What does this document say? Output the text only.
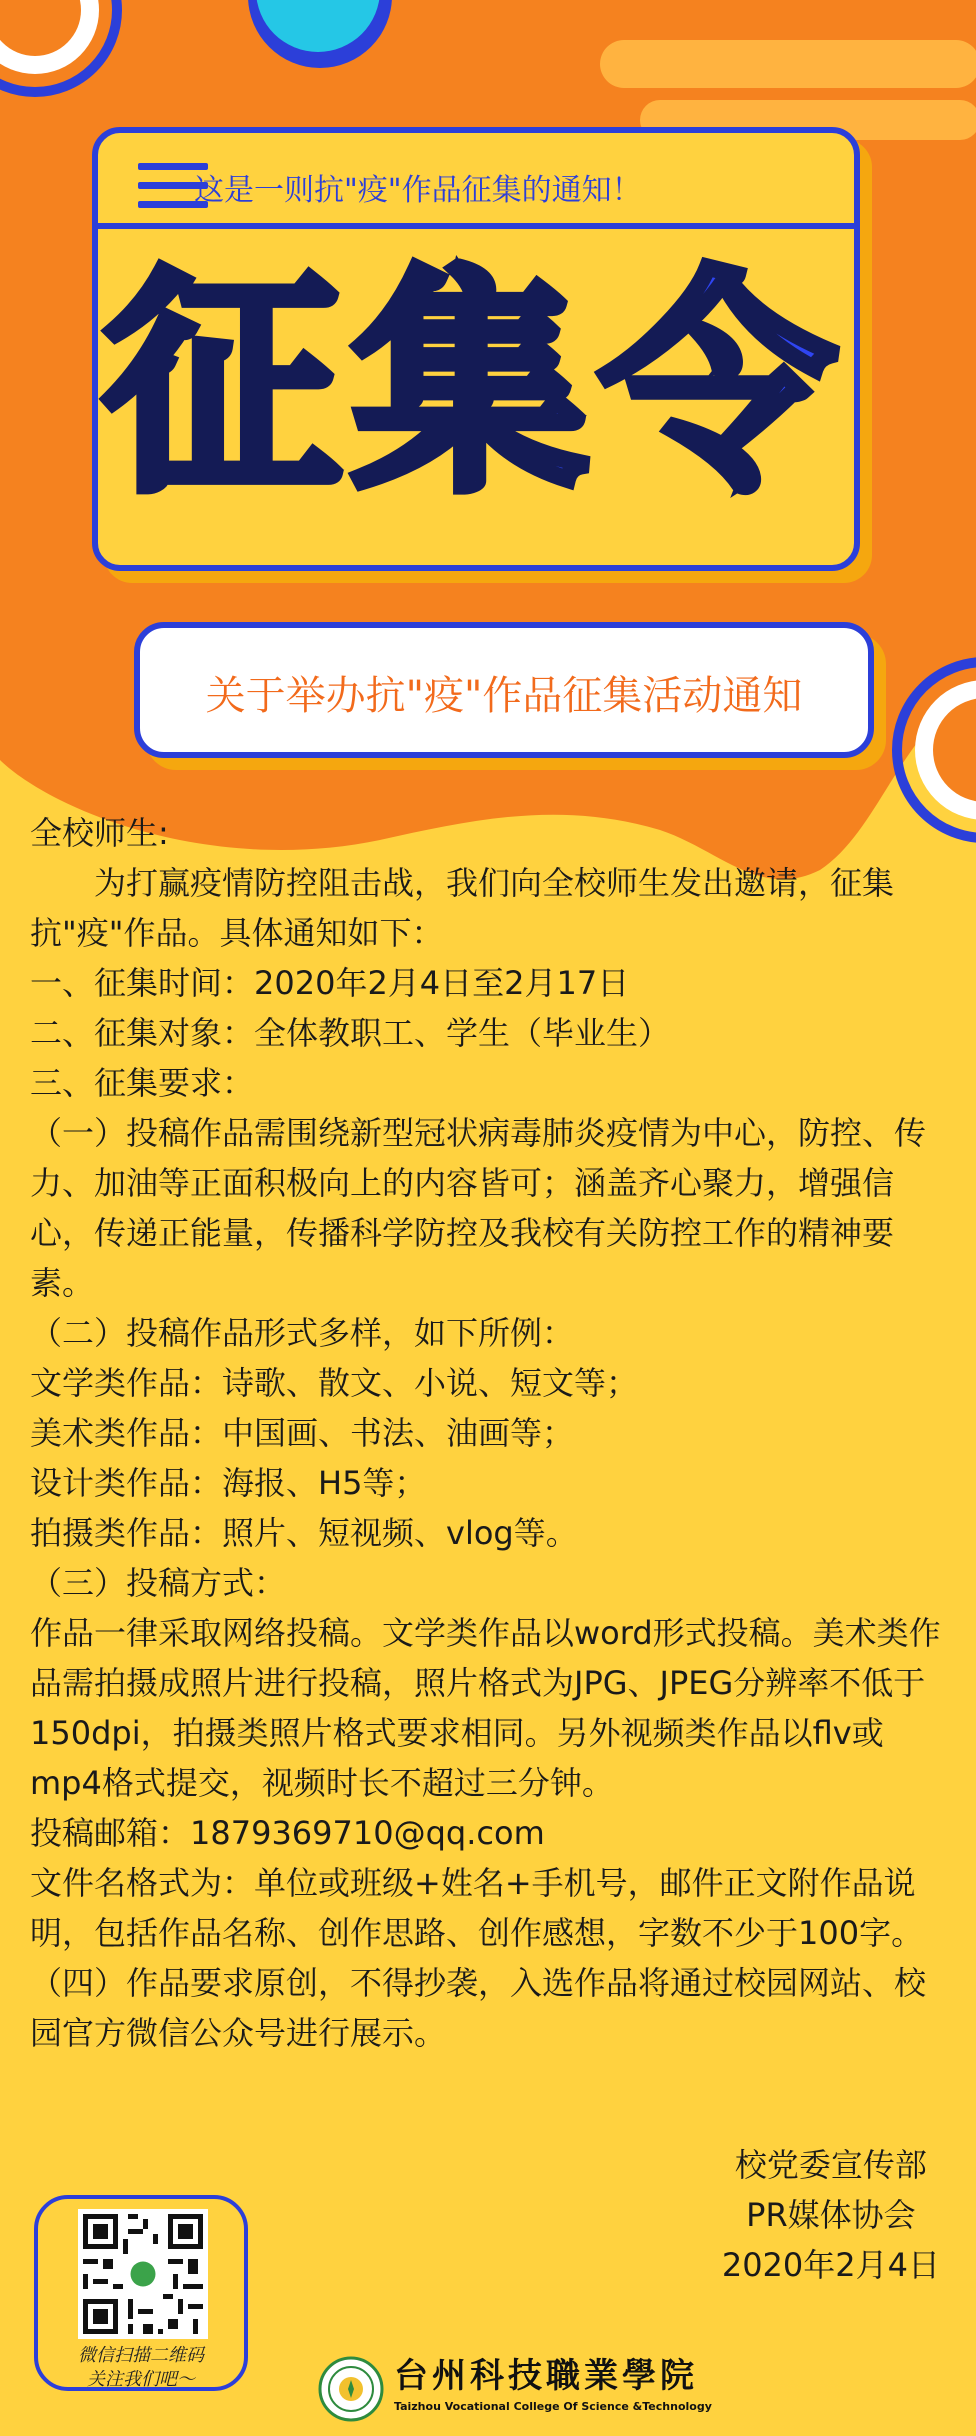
这是一则抗"疫"作品征集的通知！
征集令
关于举办抗"疫"作品征集活动通知

全校师生:

为打赢疫情防控阻击战，我们向全校师生发出邀请，征集抗"疫"作品。具体通知如下：

一、征集时间：2020年2月4日至2月17日

二、征集对象：全体教职工、学生（毕业生）

三、征集要求：

（一）投稿作品需围绕新型冠状病毒肺炎疫情为中心，防控、传力、加油等正面积极向上的内容皆可；涵盖齐心聚力，增强信心，传递正能量，传播科学防控及我校有关防控工作的精神要素。

（二）投稿作品形式多样，如下所例：

文学类作品：诗歌、散文、小说、短文等；

美术类作品：中国画、书法、油画等；

设计类作品：海报、H5等；

拍摄类作品：照片、短视频、vlog等。

（三）投稿方式：

作品一律采取网络投稿。文学类作品以word形式投稿。美术类作品需拍摄成照片进行投稿，照片格式为JPG、JPEG分辨率不低于150dpi，拍摄类照片格式要求相同。另外视频类作品以flv或mp4格式提交，视频时长不超过三分钟。

投稿邮箱：1879369710@qq.com

文件名格式为：单位或班级+姓名+手机号，邮件正文附作品说明，包括作品名称、创作思路、创作感想，字数不少于100字。

（四）作品要求原创，不得抄袭，入选作品将通过校园网站、校园官方微信公众号进行展示。

校党委宣传部
PR媒体协会
2020年2月4日
微信扫描二维码
关注我们吧～	台州科技職業學院
Taizhou Vocational College Of Science &Technology
